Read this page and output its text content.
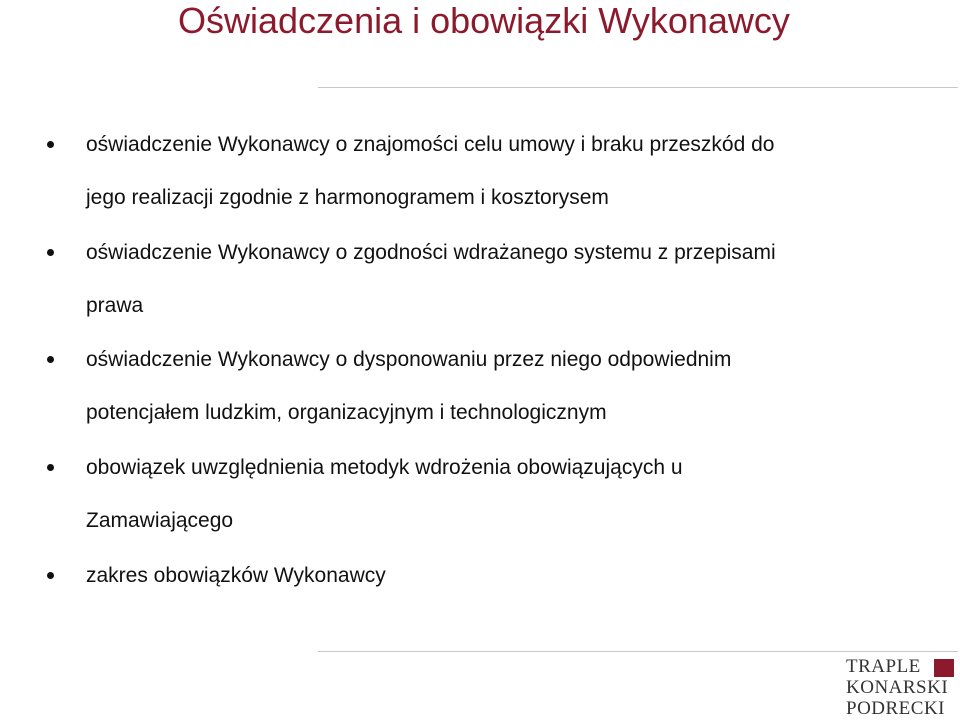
Oświadczenia i obowiązki Wykonawcy
oświadczenie Wykonawcy o znajomości celu umowy i braku przeszkód do
jego realizacji zgodnie z harmonogramem i kosztorysem
oświadczenie Wykonawcy o zgodności wdrażanego systemu z przepisami
prawa
oświadczenie Wykonawcy o dysponowaniu przez niego odpowiednim
potencjałem ludzkim, organizacyjnym i technologicznym
obowiązek uwzględnienia metodyk wdrożenia obowiązujących u
Zamawiającego
zakres obowiązków Wykonawcy
TRAPLE
KONARSKI
PODRECKI
